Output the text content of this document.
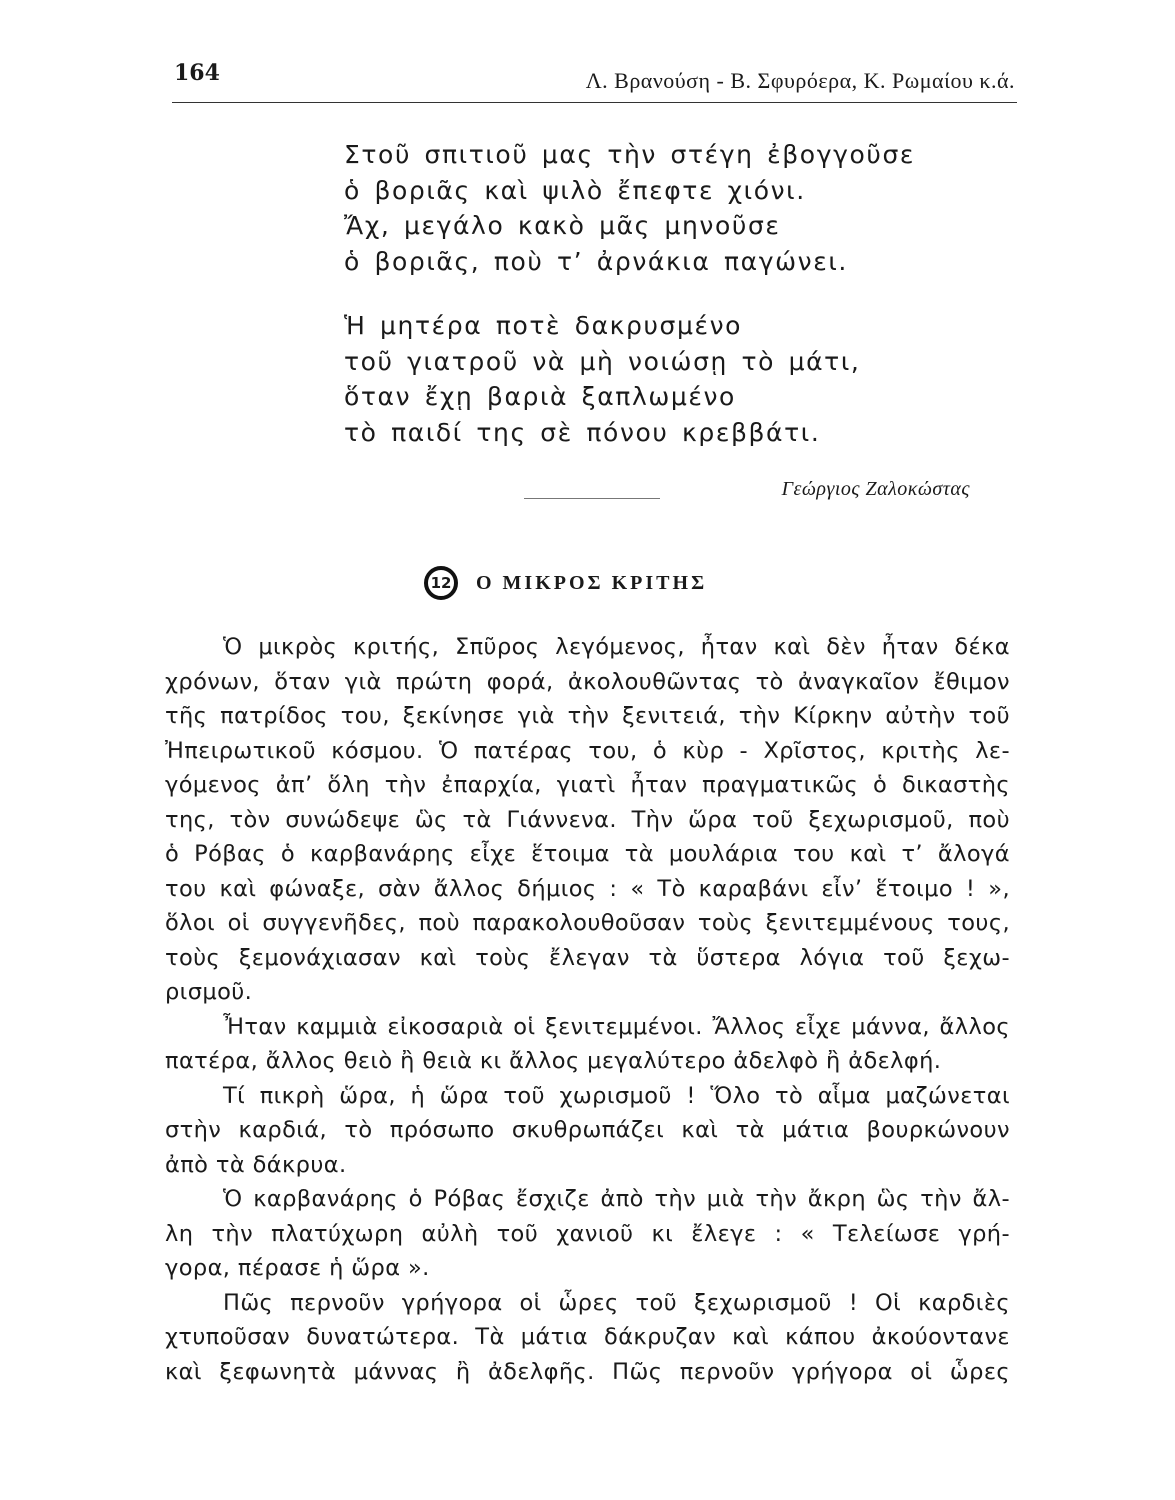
164	Λ. Βρανούση - Β. Σφυρόερα, Κ. Ρωμαίου κ.ά.
Στοῦ σπιτιοῦ μας τὴν στέγη ἐβογγοῦσε
ὁ βοριᾶς καὶ ψιλὸ ἔπεφτε χιόνι.
Ἄχ, μεγάλο κακὸ μᾶς μηνοῦσε
ὁ βοριᾶς, ποὺ τ’ ἀρνάκια παγώνει.
Ἡ μητέρα ποτὲ δακρυσμένο
τοῦ γιατροῦ νὰ μὴ νοιώσῃ τὸ μάτι,
ὅταν ἔχῃ βαριὰ ξαπλωμένο
τὸ παιδί της σὲ πόνου κρεββάτι.
Γεώργιος Ζαλοκώστας
12	Ο ΜΙΚΡΟΣ ΚΡΙΤΗΣ
Ὁ μικρὸς κριτής, Σπῦρος λεγόμενος, ἦταν καὶ δὲν ἦταν δέκα
χρόνων, ὅταν γιὰ πρώτη φορά, ἀκολουθῶντας τὸ ἀναγκαῖον ἔθιμον
τῆς πατρίδος του, ξεκίνησε γιὰ τὴν ξενιτειά, τὴν Κίρκην αὐτὴν τοῦ
Ἠπειρωτικοῦ κόσμου. Ὁ πατέρας του, ὁ κὺρ - Χρῖστος, κριτὴς λε-
γόμενος ἀπ’ ὅλη τὴν ἐπαρχία, γιατὶ ἦταν πραγματικῶς ὁ δικαστὴς
της, τὸν συνώδεψε ὣς τὰ Γιάννενα. Τὴν ὥρα τοῦ ξεχωρισμοῦ, ποὺ
ὁ Ρόβας ὁ καρβανάρης εἶχε ἕτοιμα τὰ μουλάρια του καὶ τ’ ἄλογά
του καὶ φώναξε, σὰν ἄλλος δήμιος : « Τὸ καραβάνι εἶν’ ἕτοιμο ! »,
ὅλοι οἱ συγγενῆδες, ποὺ παρακολουθοῦσαν τοὺς ξενιτεμμένους τους,
τοὺς ξεμονάχιασαν καὶ τοὺς ἔλεγαν τὰ ὕστερα λόγια τοῦ ξεχω-
ρισμοῦ.
Ἦταν καμμιὰ εἰκοσαριὰ οἱ ξενιτεμμένοι. Ἄλλος εἶχε μάννα, ἄλλος
πατέρα, ἄλλος θειὸ ἢ θειὰ κι ἄλλος μεγαλύτερο ἀδελφὸ ἢ ἀδελφή.
Τί πικρὴ ὥρα, ἡ ὥρα τοῦ χωρισμοῦ ! Ὅλο τὸ αἷμα μαζώνεται
στὴν καρδιά, τὸ πρόσωπο σκυθρωπάζει καὶ τὰ μάτια βουρκώνουν
ἀπὸ τὰ δάκρυα.
Ὁ καρβανάρης ὁ Ρόβας ἔσχιζε ἀπὸ τὴν μιὰ τὴν ἄκρη ὣς τὴν ἄλ-
λη τὴν πλατύχωρη αὐλὴ τοῦ χανιοῦ κι ἔλεγε : « Τελείωσε γρή-
γορα, πέρασε ἡ ὥρα ».
Πῶς περνοῦν γρήγορα οἱ ὧρες τοῦ ξεχωρισμοῦ ! Οἱ καρδιὲς
χτυποῦσαν δυνατώτερα. Τὰ μάτια δάκρυζαν καὶ κάπου ἀκούοντανε
καὶ ξεφωνητὰ μάννας ἢ ἀδελφῆς. Πῶς περνοῦν γρήγορα οἱ ὧρες
